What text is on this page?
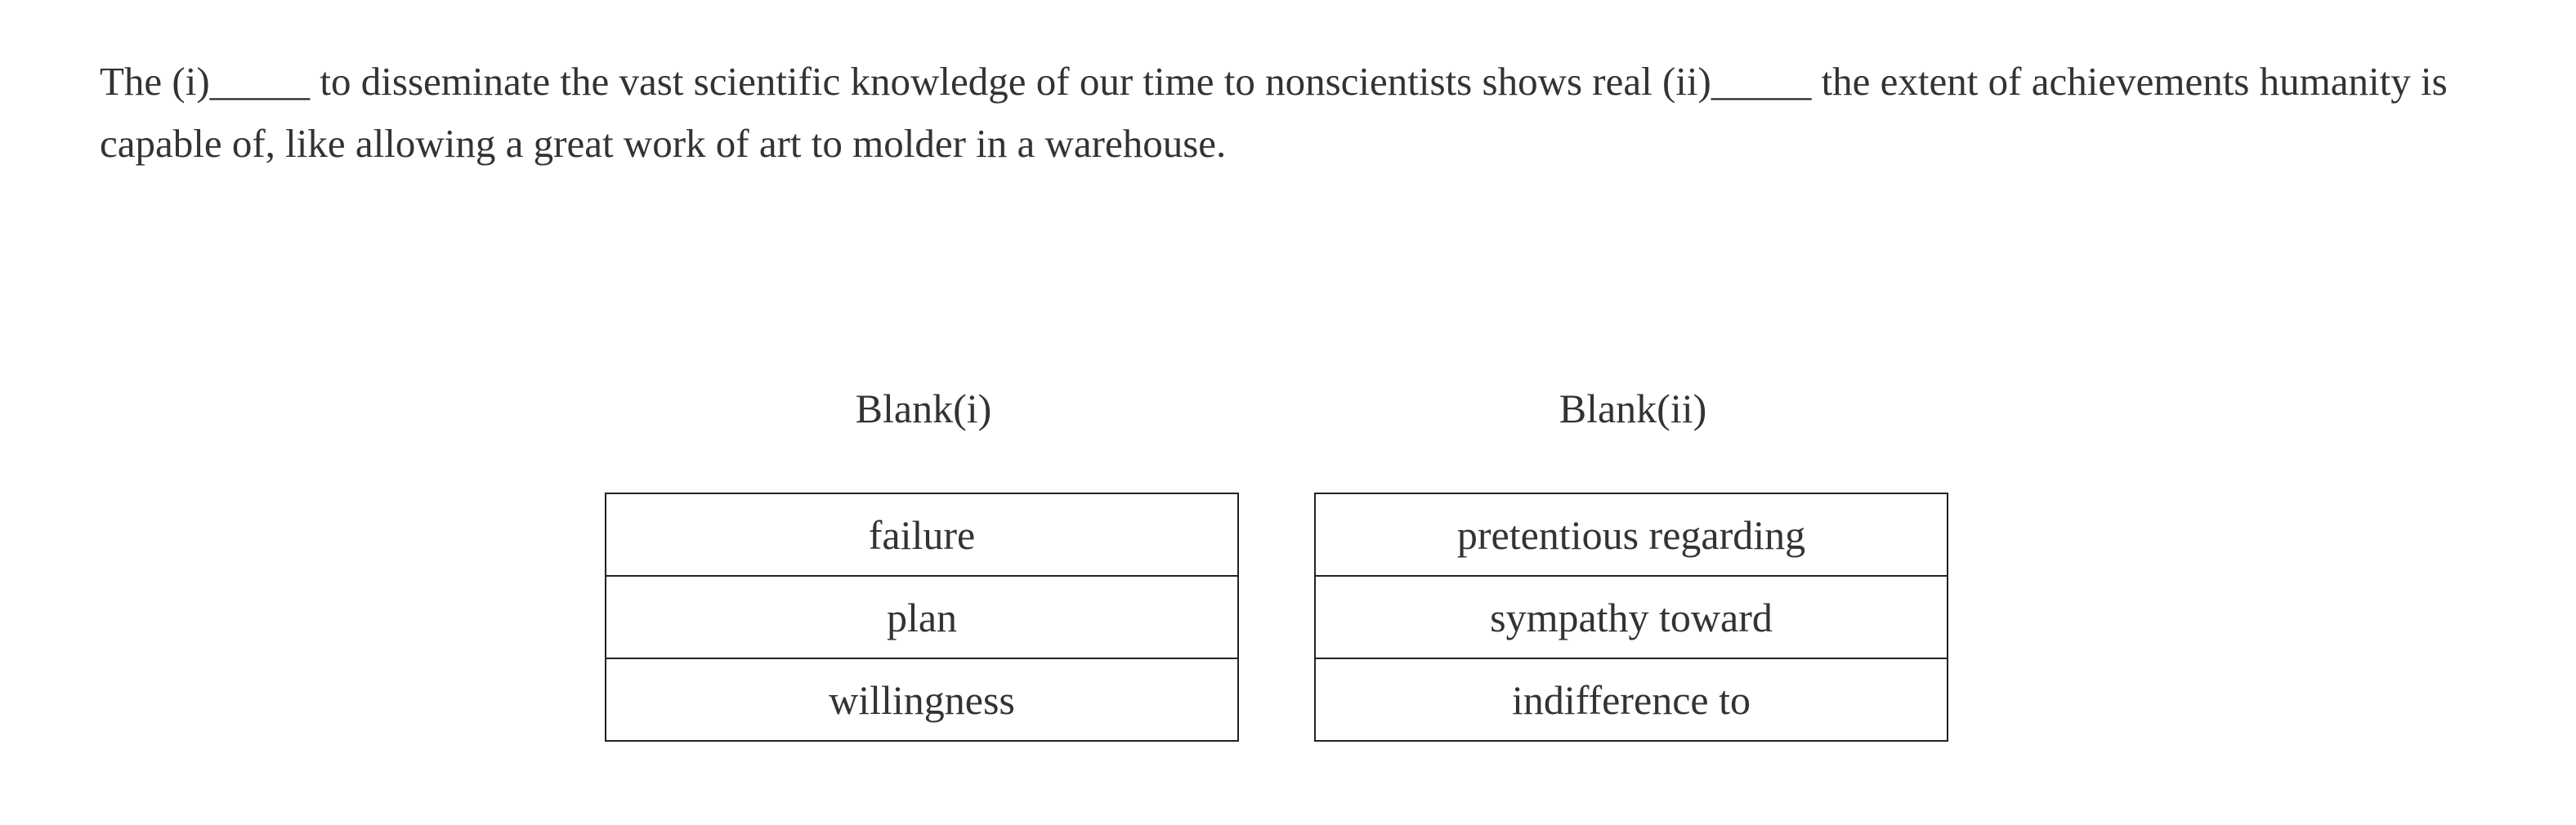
The (i)_____ to disseminate the vast scientific knowledge of our time to nonscientists shows real (ii)_____ the extent of achievements humanity is capable of, like allowing a great work of art to molder in a warehouse.

Blank(i)	Blank(ii)
failure
plan
willingness
pretentious regarding
sympathy toward
indifference to
